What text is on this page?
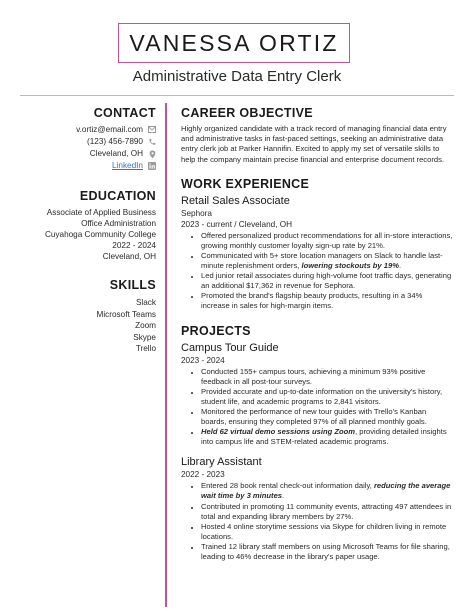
VANESSA ORTIZ
Administrative Data Entry Clerk
CONTACT
v.ortiz@email.com
(123) 456-7890
Cleveland, OH
LinkedIn
EDUCATION
Associate of Applied Business
Office Administration
Cuyahoga Community College
2022 - 2024
Cleveland, OH
SKILLS
Slack
Microsoft Teams
Zoom
Skype
Trello
CAREER OBJECTIVE

Highly organized candidate with a track record of managing financial data entry and administrative tasks in fast-paced settings, seeking an administrative data entry clerk job at Parker Hannifin. Excited to apply my set of versatile skills to help the company maintain precise financial and enterprise document records.

WORK EXPERIENCE

Retail Sales Associate

Sephora

2023 - current / Cleveland, OH

• Offered personalized product recommendations for all in-store interactions, growing monthly customer loyalty sign-up rate by 21%.
• Communicated with 5+ store location managers on Slack to handle last-minute replenishment orders, lowering stockouts by 19%.
• Led junior retail associates during high-volume foot traffic days, generating an additional $17,362 in revenue for Sephora.
• Promoted the brand's flagship beauty products, resulting in a 34% increase in sales for high-margin items.
PROJECTS

Campus Tour Guide

2023 - 2024

• Conducted 155+ campus tours, achieving a minimum 93% positive feedback in all post-tour surveys.
• Provided accurate and up-to-date information on the university's history, student life, and academic programs to 2,841 visitors.
• Monitored the performance of new tour guides with Trello's Kanban boards, ensuring they completed 97% of all planned monthly goals.
• Held 62 virtual demo sessions using Zoom, providing detailed insights into campus life and STEM-related academic programs.

Library Assistant

2022 - 2023

• Entered 28 book rental check-out information daily, reducing the average wait time by 3 minutes.
• Contributed in promoting 11 community events, attracting 497 attendees in total and expanding library members by 27%.
• Hosted 4 online storytime sessions via Skype for children living in remote locations.
• Trained 12 library staff members on using Microsoft Teams for file sharing, leading to 46% decrease in the library's paper usage.
